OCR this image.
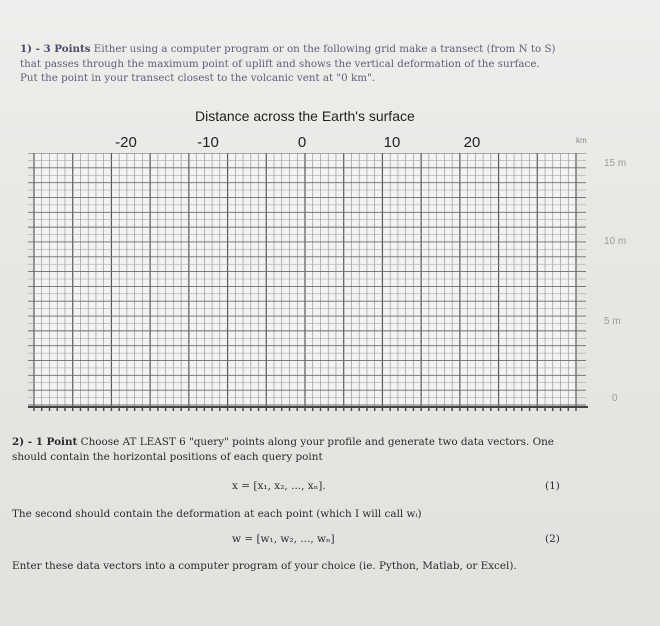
1) - 3 Points Either using a computer program or on the following grid make a transect (from N to S) that passes through the maximum point of uplift and shows the vertical deformation of the surface. Put the point in your transect closest to the volcanic vent at "0 km".
Distance across the Earth's surface
-20	-10	0	10	20	km
15 m
10 m
5 m
0
2) - 1 Point Choose AT LEAST 6 "query" points along your profile and generate two data vectors. One should contain the horizontal positions of each query point
x = [x₁, x₂, ..., xₙ].	(1)
The second should contain the deformation at each point (which I will call wᵢ)
w = [w₁, w₂, ..., wₙ]	(2)
Enter these data vectors into a computer program of your choice (ie. Python, Matlab, or Excel).
